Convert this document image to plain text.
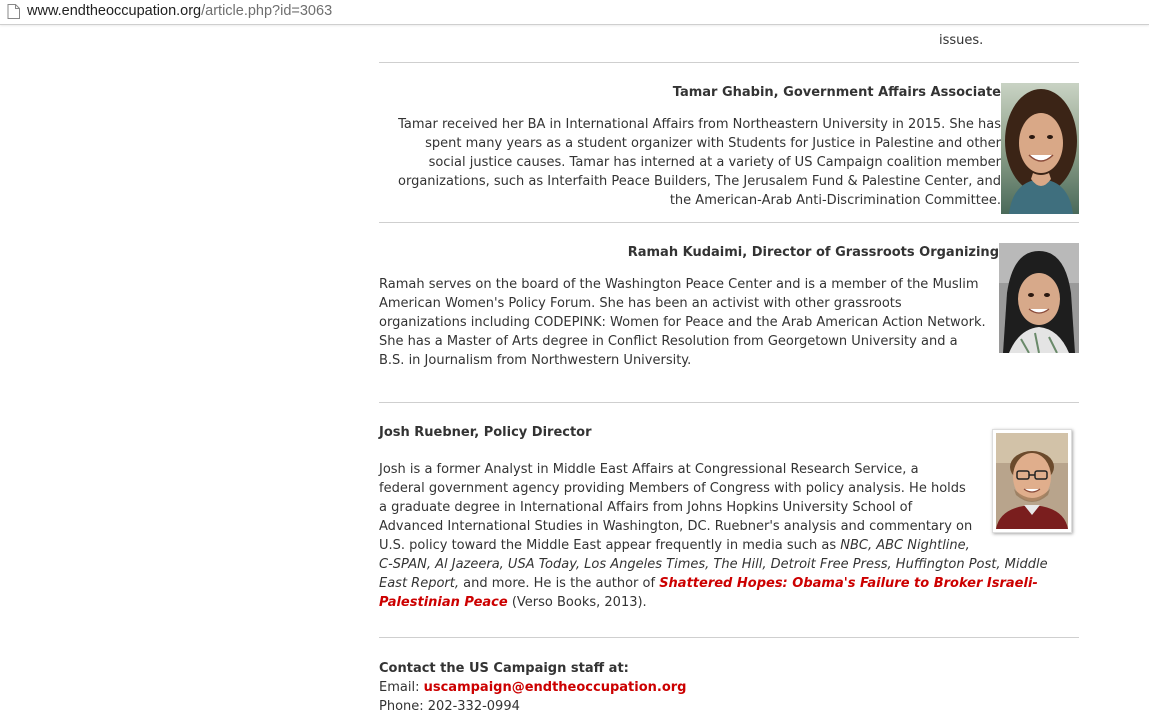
www.endtheoccupation.org/article.php?id=3063
issues.
Tamar Ghabin, Government Affairs Associate
Tamar received her BA in International Affairs from Northeastern University in 2015. She has
spent many years as a student organizer with Students for Justice in Palestine and other
social justice causes. Tamar has interned at a variety of US Campaign coalition member
organizations, such as Interfaith Peace Builders, The Jerusalem Fund & Palestine Center, and
the American-Arab Anti-Discrimination Committee.
Ramah Kudaimi, Director of Grassroots Organizing
Ramah serves on the board of the Washington Peace Center and is a member of the Muslim
American Women's Policy Forum. She has been an activist with other grassroots
organizations including CODEPINK: Women for Peace and the Arab American Action Network.
She has a Master of Arts degree in Conflict Resolution from Georgetown University and a
B.S. in Journalism from Northwestern University.
Josh Ruebner, Policy Director
Josh is a former Analyst in Middle East Affairs at Congressional Research Service, a
federal government agency providing Members of Congress with policy analysis. He holds
a graduate degree in International Affairs from Johns Hopkins University School of
Advanced International Studies in Washington, DC. Ruebner's analysis and commentary on
U.S. policy toward the Middle East appear frequently in media such as NBC, ABC Nightline,
C-SPAN, Al Jazeera, USA Today, Los Angeles Times, The Hill, Detroit Free Press, Huffington Post, Middle
East Report, and more. He is the author of Shattered Hopes: Obama's Failure to Broker Israeli-
Palestinian Peace (Verso Books, 2013).
Contact the US Campaign staff at:
Email: uscampaign@endtheoccupation.org
Phone: 202-332-0994
